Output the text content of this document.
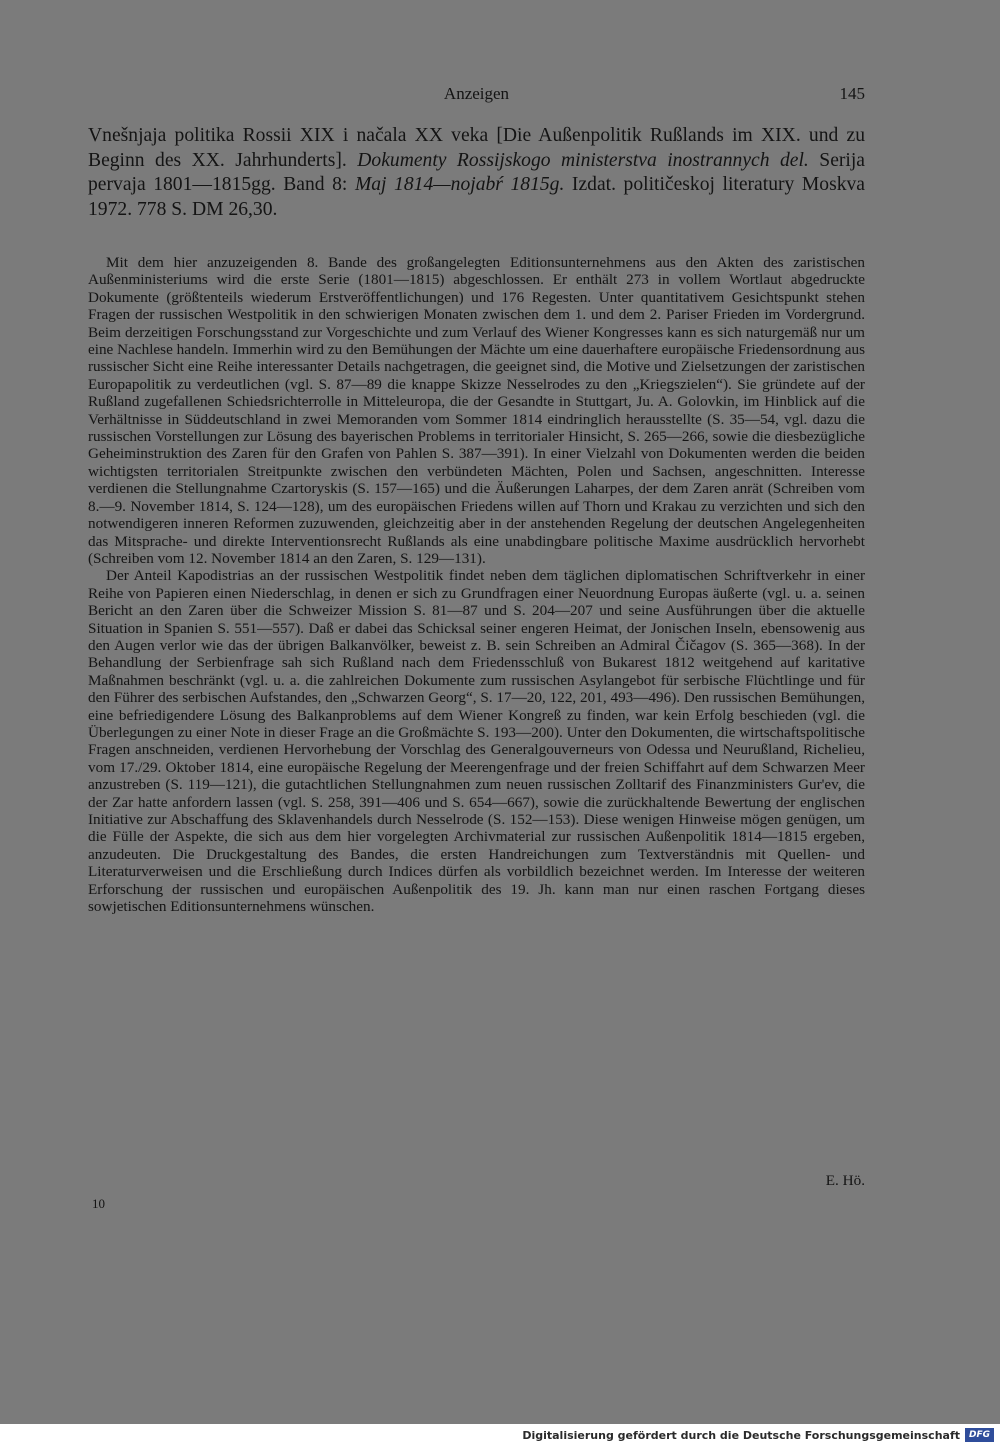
Anzeigen	145

Vnešnjaja politika Rossii XIX i načala XX veka [Die Außenpolitik Rußlands im XIX. und zu Beginn des XX. Jahrhunderts]. Dokumenty Rossijskogo ministerstva inostrannych del. Serija pervaja 1801—1815gg. Band 8: Maj 1814—nojabŕ 1815g. Izdat. političeskoj literatury Moskva 1972. 778 S. DM 26,30.

Mit dem hier anzuzeigenden 8. Bande des großangelegten Editionsunternehmens aus den Akten des zaristischen Außenministeriums wird die erste Serie (1801—1815) abgeschlossen. Er enthält 273 in vollem Wortlaut abgedruckte Dokumente (größtenteils wiederum Erstveröffentlichungen) und 176 Regesten. Unter quantitativem Gesichtspunkt stehen Fragen der russischen Westpolitik in den schwierigen Monaten zwischen dem 1. und dem 2. Pariser Frieden im Vordergrund. Beim derzeitigen Forschungsstand zur Vorgeschichte und zum Verlauf des Wiener Kongresses kann es sich naturgemäß nur um eine Nachlese handeln. Immerhin wird zu den Bemühungen der Mächte um eine dauerhaftere europäische Friedensordnung aus russischer Sicht eine Reihe interessanter Details nachgetragen, die geeignet sind, die Motive und Zielsetzungen der zaristischen Europapolitik zu verdeutlichen (vgl. S. 87—89 die knappe Skizze Nesselrodes zu den „Kriegszielen“). Sie gründete auf der Rußland zugefallenen Schiedsrichterrolle in Mitteleuropa, die der Gesandte in Stuttgart, Ju. A. Golovkin, im Hinblick auf die Verhältnisse in Süddeutschland in zwei Memoranden vom Sommer 1814 eindringlich herausstellte (S. 35—54, vgl. dazu die russischen Vorstellungen zur Lösung des bayerischen Problems in territorialer Hinsicht, S. 265—266, sowie die diesbezügliche Geheiminstruktion des Zaren für den Grafen von Pahlen S. 387—391). In einer Vielzahl von Dokumenten werden die beiden wichtigsten territorialen Streitpunkte zwischen den verbündeten Mächten, Polen und Sachsen, angeschnitten. Interesse verdienen die Stellungnahme Czartoryskis (S. 157—165) und die Äußerungen Laharpes, der dem Zaren anrät (Schreiben vom 8.—9. November 1814, S. 124—128), um des europäischen Friedens willen auf Thorn und Krakau zu verzichten und sich den notwendigeren inneren Reformen zuzuwenden, gleichzeitig aber in der anstehenden Regelung der deutschen Angelegenheiten das Mitsprache- und direkte Interventionsrecht Rußlands als eine unabdingbare politische Maxime ausdrücklich hervorhebt (Schreiben vom 12. November 1814 an den Zaren, S. 129—131).

Der Anteil Kapodistrias an der russischen Westpolitik findet neben dem täglichen diplomatischen Schriftverkehr in einer Reihe von Papieren einen Niederschlag, in denen er sich zu Grundfragen einer Neuordnung Europas äußerte (vgl. u. a. seinen Bericht an den Zaren über die Schweizer Mission S. 81—87 und S. 204—207 und seine Ausführungen über die aktuelle Situation in Spanien S. 551—557). Daß er dabei das Schicksal seiner engeren Heimat, der Jonischen Inseln, ebensowenig aus den Augen verlor wie das der übrigen Balkanvölker, beweist z. B. sein Schreiben an Admiral Čičagov (S. 365—368). In der Behandlung der Serbienfrage sah sich Rußland nach dem Friedensschluß von Bukarest 1812 weitgehend auf karitative Maßnahmen beschränkt (vgl. u. a. die zahlreichen Dokumente zum russischen Asylangebot für serbische Flüchtlinge und für den Führer des serbischen Aufstandes, den „Schwarzen Georg“, S. 17—20, 122, 201, 493—496). Den russischen Bemühungen, eine befriedigendere Lösung des Balkanproblems auf dem Wiener Kongreß zu finden, war kein Erfolg beschieden (vgl. die Überlegungen zu einer Note in dieser Frage an die Großmächte S. 193—200). Unter den Dokumenten, die wirtschaftspolitische Fragen anschneiden, verdienen Hervorhebung der Vorschlag des Generalgouverneurs von Odessa und Neurußland, Richelieu, vom 17./29. Oktober 1814, eine europäische Regelung der Meerengenfrage und der freien Schiffahrt auf dem Schwarzen Meer anzustreben (S. 119—121), die gutachtlichen Stellungnahmen zum neuen russischen Zolltarif des Finanzministers Gur'ev, die der Zar hatte anfordern lassen (vgl. S. 258, 391—406 und S. 654—667), sowie die zurückhaltende Bewertung der englischen Initiative zur Abschaffung des Sklavenhandels durch Nesselrode (S. 152—153). Diese wenigen Hinweise mögen genügen, um die Fülle der Aspekte, die sich aus dem hier vorgelegten Archivmaterial zur russischen Außenpolitik 1814—1815 ergeben, anzudeuten. Die Druckgestaltung des Bandes, die ersten Handreichungen zum Textverständnis mit Quellen- und Literaturverweisen und die Erschließung durch Indices dürfen als vorbildlich bezeichnet werden. Im Interesse der weiteren Erforschung der russischen und europäischen Außenpolitik des 19. Jh. kann man nur einen raschen Fortgang dieses sowjetischen Editionsunternehmens wünschen.

E. Hö.
10
Digitalisierung gefördert durch die Deutsche Forschungsgemeinschaft DFG
